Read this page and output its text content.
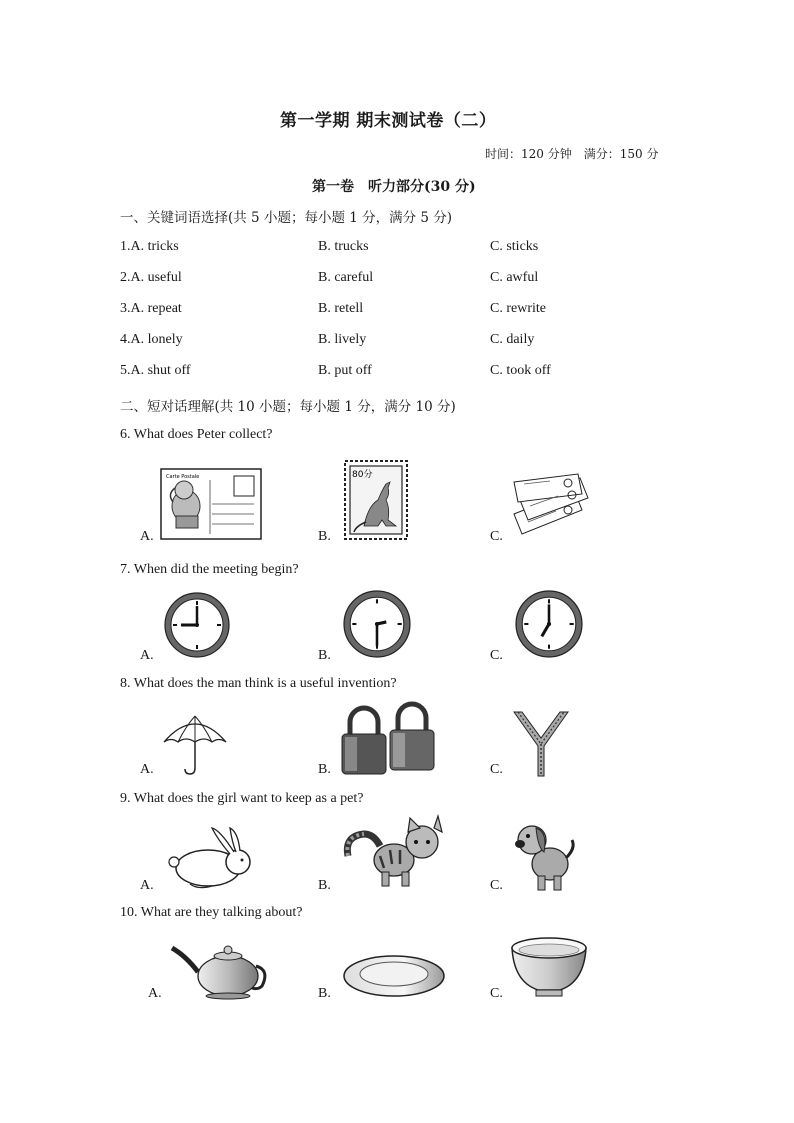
第一学期 期末测试卷（二）
时间：120 分钟　满分：150 分
第一卷　听力部分(30 分)
一、关键词语选择(共 5 小题；每小题 1 分，满分 5 分)
1.A. tricks	B. trucks	C. sticks
2.A. useful	B. careful	C. awful
3.A. repeat	B. retell	C. rewrite
4.A. lonely	B. lively	C. daily
5.A. shut off	B. put off	C. took off
二、短对话理解(共 10 小题；每小题 1 分，满分 10 分)
6. What does Peter collect?
A.	B.	C.
Carte Postale	80分
7. When did the meeting begin?
A.	B.	C.
8. What does the man think is a useful invention?
A.	B.	C.
9. What does the girl want to keep as a pet?
A.	B.	C.
10. What are they talking about?
A.	B.	C.
